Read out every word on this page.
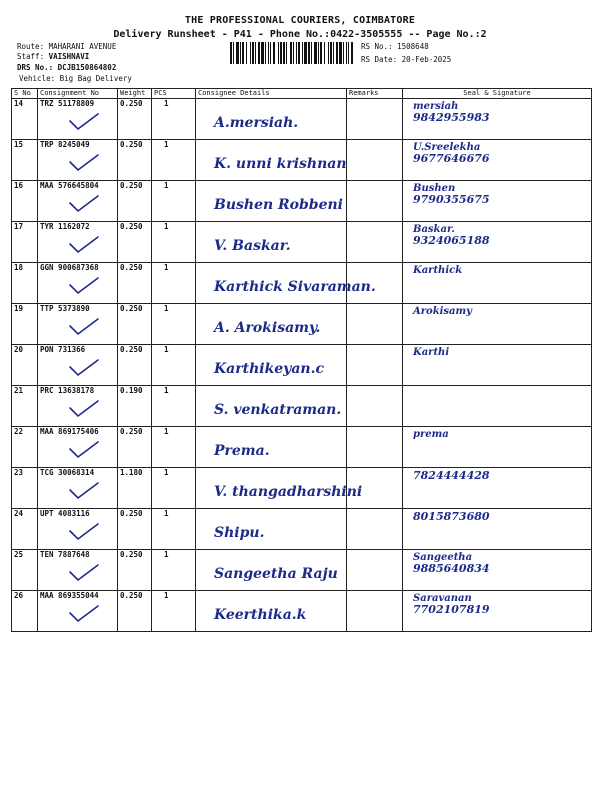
THE PROFESSIONAL COURIERS, COIMBATORE
Delivery Runsheet - P41 - Phone No.:0422-3505555 -- Page No.:2
Route: MAHARANI AVENUE
Staff: VAISHNAVI
DRS No.: DCJB150864802
Vehicle: Big Bag Delivery
RS No.: 1508648
RS Date: 20-Feb-2025
S No	Consignment No	Weight	PCS	Consignee Details	Remarks	Seal & Signature
14	TRZ 51178809	0.250	1	A.mersiah.		mersiah
9842955983

15	TRP 8245049	0.250	1	K. unni krishnan		U.Sreelekha
9677646676

16	MAA 576645804	0.250	1	Bushen Robbeni		Bushen
9790355675

17	TYR 1162072	0.250	1	V. Baskar.		Baskar.
9324065188

18	GGN 900687368	0.250	1	Karthick Sivaraman.		Karthick

19	TTP 5373890	0.250	1	A. Arokisamy.		Arokisamy

20	PON 731366	0.250	1	Karthikeyan.c		Karthi

21	PRC 13638178	0.190	1	S. venkatraman.		

22	MAA 869175406	0.250	1	Prema.		prema

23	TCG 30068314	1.180	1	V. thangadharshini		7824444428

24	UPT 4083116	0.250	1	Shipu.		8015873680

25	TEN 7887648	0.250	1	Sangeetha Raju		Sangeetha
9885640834

26	MAA 869355044	0.250	1	Keerthika.k		Saravanan
7702107819
